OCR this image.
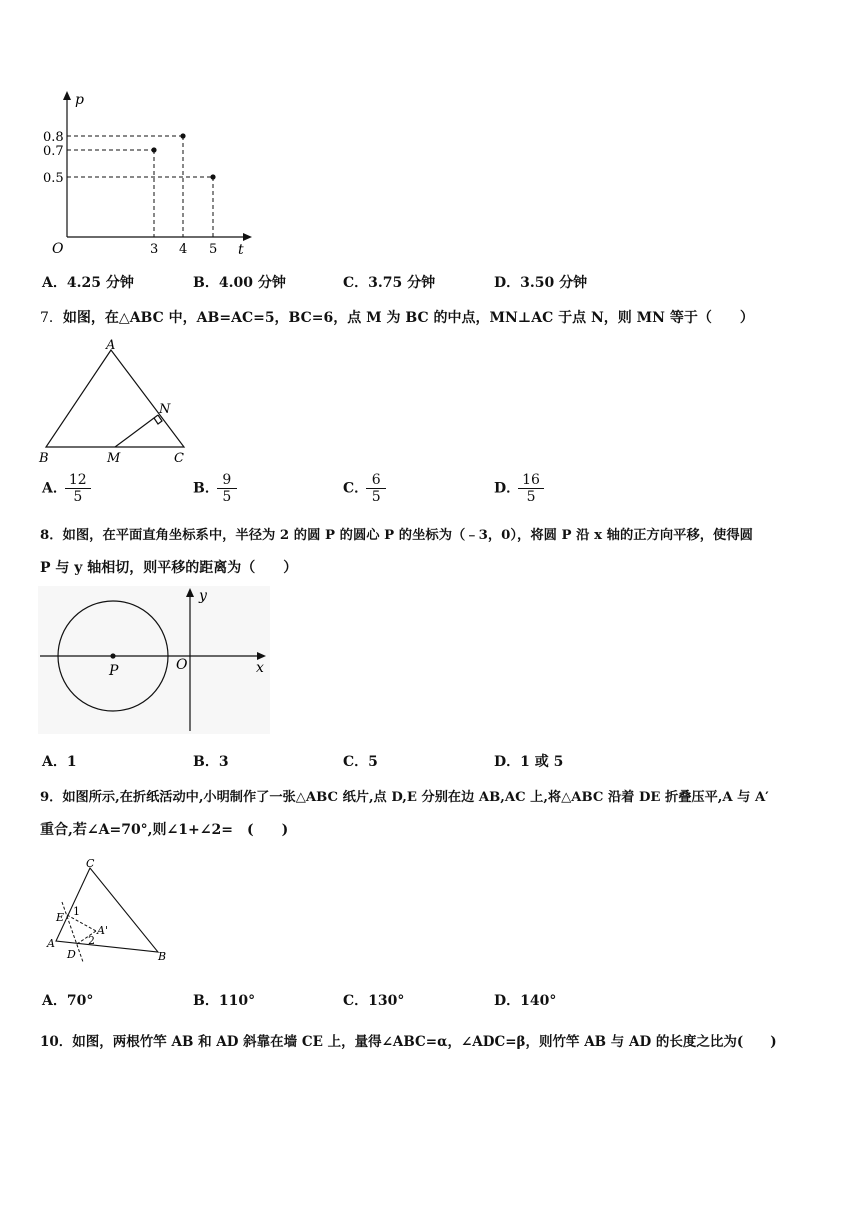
p
t
O
0.8
0.7
0.5
3 4 5
A．4.25 分钟	B．4.00 分钟	C．3.75 分钟	D．3.50 分钟
7．如图，在△ABC 中，AB=AC=5，BC=6，点 M 为 BC 的中点，MN⊥AC 于点 N，则 MN 等于（　　）
A
B	C
M
N
A． $\frac{12}{5}$	B． $\frac{9}{5}$	C． $\frac{6}{5}$	D． $\frac{16}{5}$
8．如图，在平面直角坐标系中，半径为 2 的圆 P 的圆心 P 的坐标为（﹣3，0），将圆 P 沿 x 轴的正方向平移，使得圆
P 与 y 轴相切，则平移的距离为（　　）
P	O	x
y
A．1	B．3	C．5	D．1 或 5
9．如图所示,在折纸活动中,小明制作了一张△ABC 纸片,点 D,E 分别在边 AB,AC 上,将△ABC 沿着 DE 折叠压平,A 与 A′
重合,若∠A=70°,则∠1+∠2=　(　　)
C
E 1
A'
A	2
D	B
A．70°	B．110°	C．130°	D．140°
10．如图，两根竹竿 AB 和 AD 斜靠在墙 CE 上，量得∠ABC=α，∠ADC=β，则竹竿 AB 与 AD 的长度之比为(　　)
